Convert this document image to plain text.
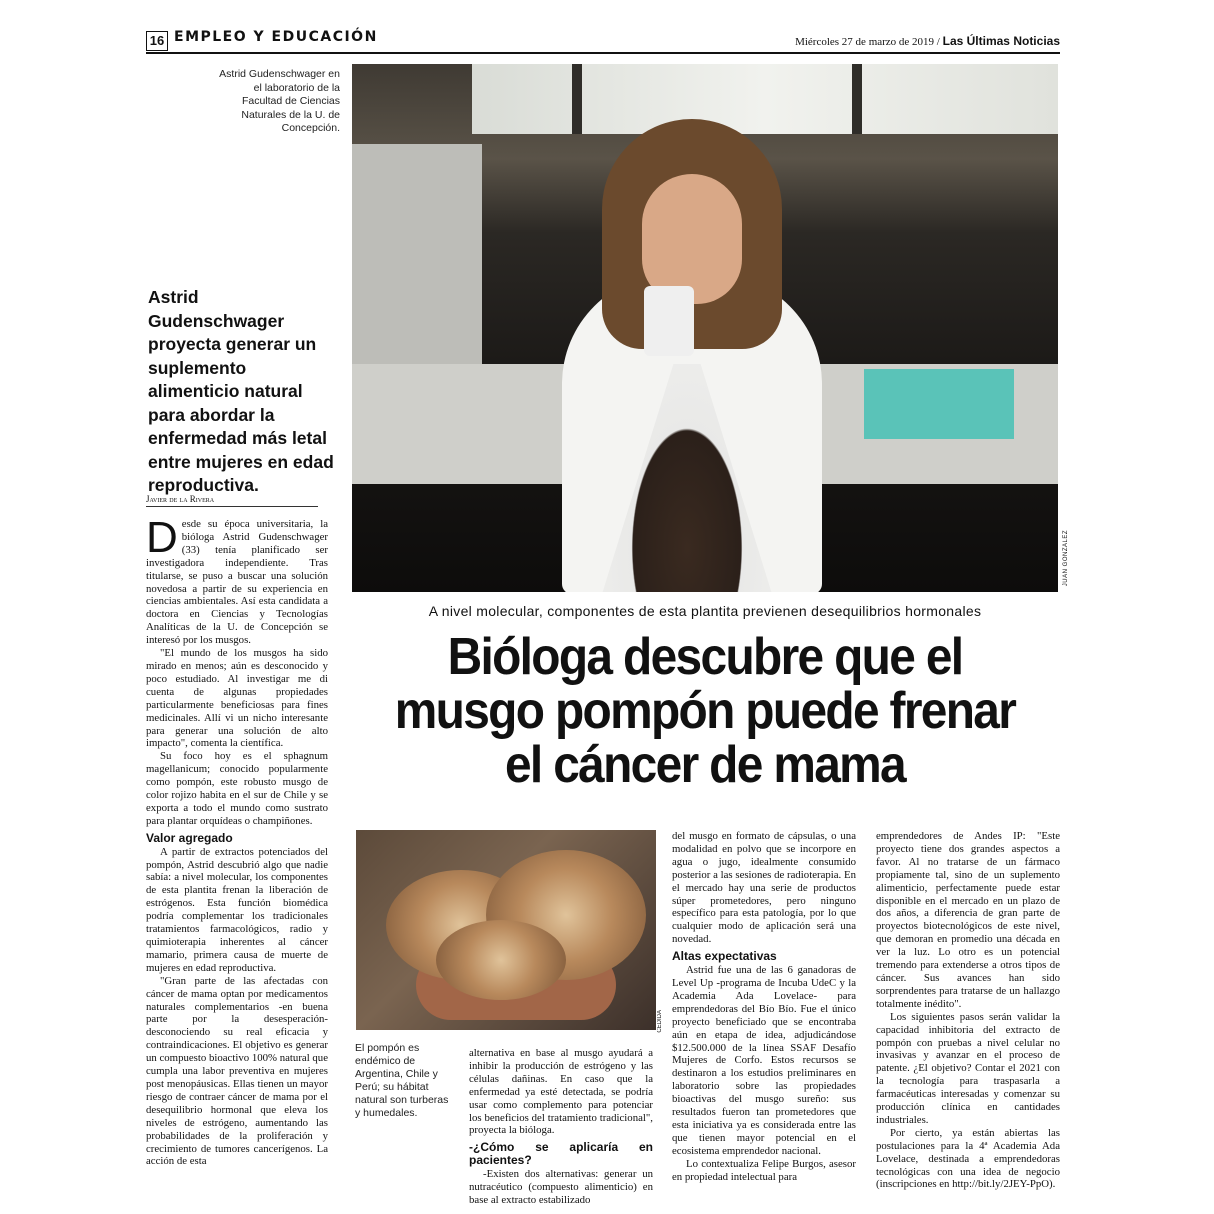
16 EMPLEO Y EDUCACIÓN	Miércoles 27 de marzo de 2019 / Las Últimas Noticias
Astrid Gudenschwager en el laboratorio de la Facultad de Ciencias Naturales de la U. de Concepción.
JUAN GONZÁLEZ
Astrid Gudenschwager proyecta generar un suplemento alimenticio natural para abordar la enfermedad más letal entre mujeres en edad reproductiva.
Javier de la Rivera

Desde su época universitaria, la bióloga Astrid Gudenschwager (33) tenía planificado ser investigadora independiente. Tras titularse, se puso a buscar una solución novedosa a partir de su experiencia en ciencias ambientales. Así esta candidata a doctora en Ciencias y Tecnologías Analíticas de la U. de Concepción se interesó por los musgos.

"El mundo de los musgos ha sido mirado en menos; aún es desconocido y poco estudiado. Al investigar me di cuenta de algunas propiedades particularmente beneficiosas para fines medicinales. Allí vi un nicho interesante para generar una solución de alto impacto", comenta la científica.

Su foco hoy es el sphagnum magellanicum; conocido popularmente como pompón, este robusto musgo de color rojizo habita en el sur de Chile y se exporta a todo el mundo como sustrato para plantar orquídeas o champiñones.

Valor agregado

A partir de extractos potenciados del pompón, Astrid descubrió algo que nadie sabía: a nivel molecular, los componentes de esta plantita frenan la liberación de estrógenos. Esta función biomédica podría complementar los tradicionales tratamientos farmacológicos, radio y quimioterapia inherentes al cáncer mamario, primera causa de muerte de mujeres en edad reproductiva.

"Gran parte de las afectadas con cáncer de mama optan por medicamentos naturales complementarios -en buena parte por la desesperación- desconociendo su real eficacia y contraindicaciones. El objetivo es generar un compuesto bioactivo 100% natural que cumpla una labor preventiva en mujeres post menopáusicas. Ellas tienen un mayor riesgo de contraer cáncer de mama por el desequilibrio hormonal que eleva los niveles de estrógeno, aumentando las probabilidades de la proliferación y crecimiento de tumores cancerígenos. La acción de esta

A nivel molecular, componentes de esta plantita previenen desequilibrios hormonales
Bióloga descubre que el
musgo pompón puede frenar
el cáncer de mama
CEDIDA
El pompón es endémico de Argentina, Chile y Perú; su hábitat natural son turberas y humedales.

alternativa en base al musgo ayudará a inhibir la producción de estrógeno y las células dañinas. En caso que la enfermedad ya esté detectada, se podría usar como complemento para potenciar los beneficios del tratamiento tradicional", proyecta la bióloga.

-¿Cómo se aplicaría en pacientes?

-Existen dos alternativas: generar un nutracéutico (compuesto alimenticio) en base al extracto estabilizado

del musgo en formato de cápsulas, o una modalidad en polvo que se incorpore en agua o jugo, idealmente consumido posterior a las sesiones de radioterapia. En el mercado hay una serie de productos súper prometedores, pero ninguno específico para esta patología, por lo que cualquier modo de aplicación será una novedad.

Altas expectativas

Astrid fue una de las 6 ganadoras de Level Up -programa de Incuba UdeC y la Academia Ada Lovelace- para emprendedoras del Bío Bío. Fue el único proyecto beneficiado que se encontraba aún en etapa de idea, adjudicándose $12.500.000 de la línea SSAF Desafío Mujeres de Corfo. Estos recursos se destinaron a los estudios preliminares en laboratorio sobre las propiedades bioactivas del musgo sureño: sus resultados fueron tan prometedores que esta iniciativa ya es considerada entre las que tienen mayor potencial en el ecosistema emprendedor nacional.

Lo contextualiza Felipe Burgos, asesor en propiedad intelectual para

emprendedores de Andes IP: "Este proyecto tiene dos grandes aspectos a favor. Al no tratarse de un fármaco propiamente tal, sino de un suplemento alimenticio, perfectamente puede estar disponible en el mercado en un plazo de dos años, a diferencia de gran parte de proyectos biotecnológicos de este nivel, que demoran en promedio una década en ver la luz. Lo otro es un potencial tremendo para extenderse a otros tipos de cáncer. Sus avances han sido sorprendentes para tratarse de un hallazgo totalmente inédito".

Los siguientes pasos serán validar la capacidad inhibitoria del extracto de pompón con pruebas a nivel celular no invasivas y avanzar en el proceso de patente. ¿El objetivo? Contar el 2021 con la tecnología para traspasarla a farmacéuticas interesadas y comenzar su producción clínica en cantidades industriales.

Por cierto, ya están abiertas las postulaciones para la 4ª Academia Ada Lovelace, destinada a emprendedoras tecnológicas con una idea de negocio (inscripciones en http://bit.ly/2JEY-PpO).
